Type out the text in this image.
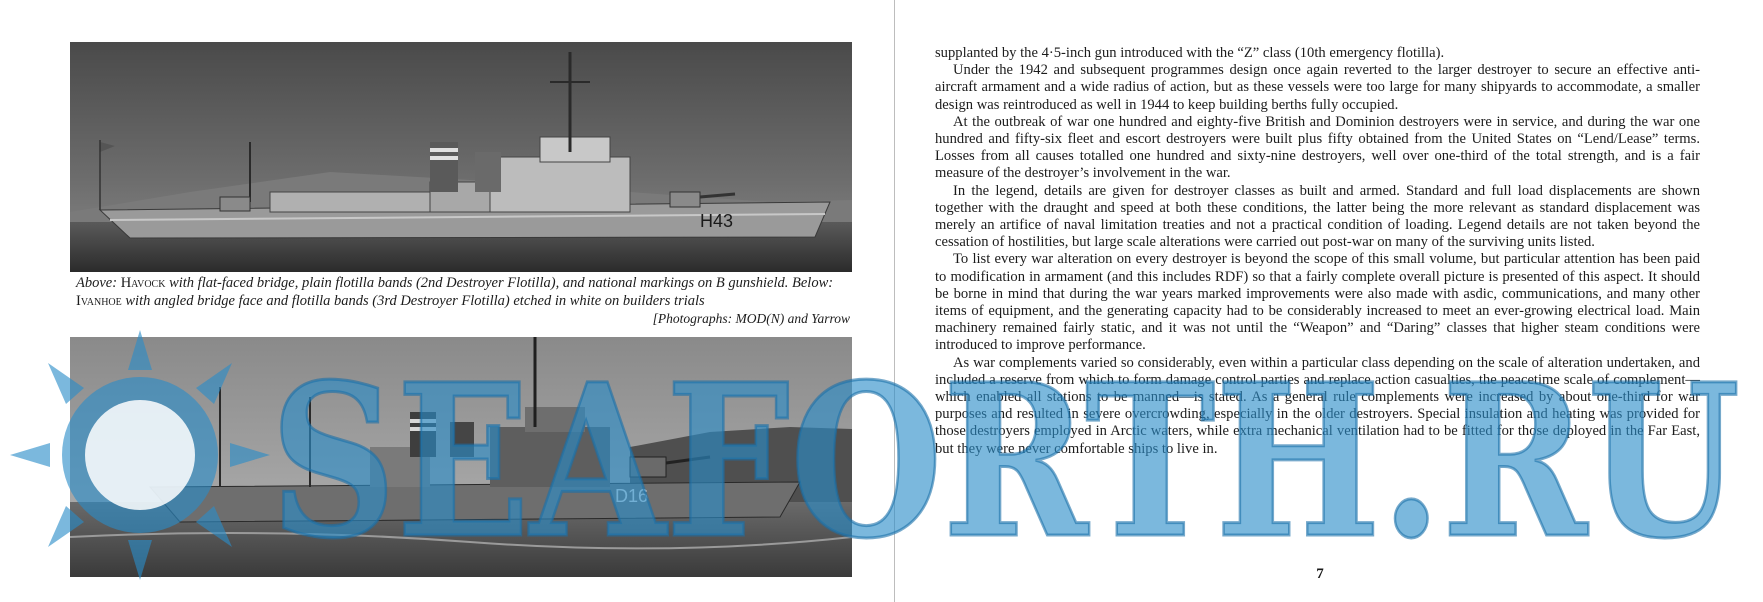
H43
Above: Havock with flat-faced bridge, plain flotilla bands (2nd Destroyer Flotilla), and national markings on B gunshield. Below: Ivanhoe with angled bridge face and flotilla bands (3rd Destroyer Flotilla) etched in white on builders trials
[Photographs: MOD(N) and Yarrow
D16

supplanted by the 4·5-inch gun introduced with the “Z” class (10th emergency flotilla).

Under the 1942 and subsequent programmes design once again reverted to the larger destroyer to secure an effective anti-aircraft armament and a wide radius of action, but as these vessels were too large for many shipyards to accommodate, a smaller design was reintroduced as well in 1944 to keep building berths fully occupied.

At the outbreak of war one hundred and eighty-five British and Dominion destroyers were in service, and during the war one hundred and fifty-six fleet and escort destroyers were built plus fifty obtained from the United States on “Lend/Lease” terms. Losses from all causes totalled one hundred and sixty-nine destroyers, well over one-third of the total strength, and is a fair measure of the destroyer’s involvement in the war.

In the legend, details are given for destroyer classes as built and armed. Standard and full load displacements are shown together with the draught and speed at both these conditions, the latter being the more relevant as standard displacement was merely an artifice of naval limitation treaties and not a practical condition of loading. Legend details are not taken beyond the cessation of hostilities, but large scale alterations were carried out post-war on many of the surviving units listed.

To list every war alteration on every destroyer is beyond the scope of this small volume, but particular attention has been paid to modification in armament (and this includes RDF) so that a fairly complete overall picture is presented of this aspect. It should be borne in mind that during the war years marked improvements were also made with asdic, communications, and many other items of equipment, and the generating capacity had to be considerably increased to meet an ever-growing electrical load. Main machinery remained fairly static, and it was not until the “Weapon” and “Daring” classes that higher steam conditions were introduced to improve performance.

As war complements varied so considerably, even within a particular class depending on the scale of alteration undertaken, and included a reserve from which to form damage control parties and replace action casualties, the peacetime scale of complement—which enabled all stations to be manned—is stated. As a general rule complements were increased by about one-third for war purposes and resulted in severe overcrowding, especially in the older destroyers. Special insulation and heating was provided for those destroyers employed in Arctic waters, while extra mechanical ventilation had to be fitted for those deployed in the Far East, but they were never comfortable ships to live in.

7
SEAFORTH.RU
